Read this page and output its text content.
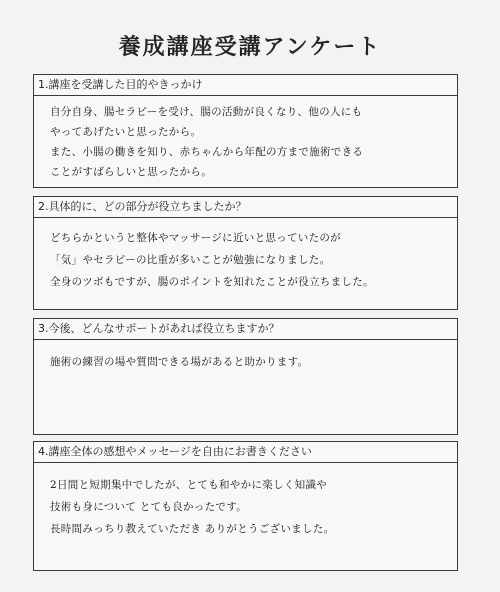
養成講座受講アンケート
1.講座を受講した目的やきっかけ
自分自身、腸セラピーを受け、腸の活動が良くなり、他の人にも
やってあげたいと思ったから。
また、小腸の働きを知り、赤ちゃんから年配の方まで施術できる
ことがすばらしいと思ったから。
2.具体的に、どの部分が役立ちましたか？
どちらかというと整体やマッサージに近いと思っていたのが
「気」やセラピーの比重が多いことが勉強になりました。
全身のツボもですが、腸のポイントを知れたことが役立ちました。
3.今後、どんなサポートがあれば役立ちますか？
施術の練習の場や質問できる場があると助かります。
4.講座全体の感想やメッセージを自由にお書きください
2日間と短期集中でしたが、とても和やかに楽しく知識や
技術も身について とても良かったです。
長時間みっちり教えていただき ありがとうございました。
